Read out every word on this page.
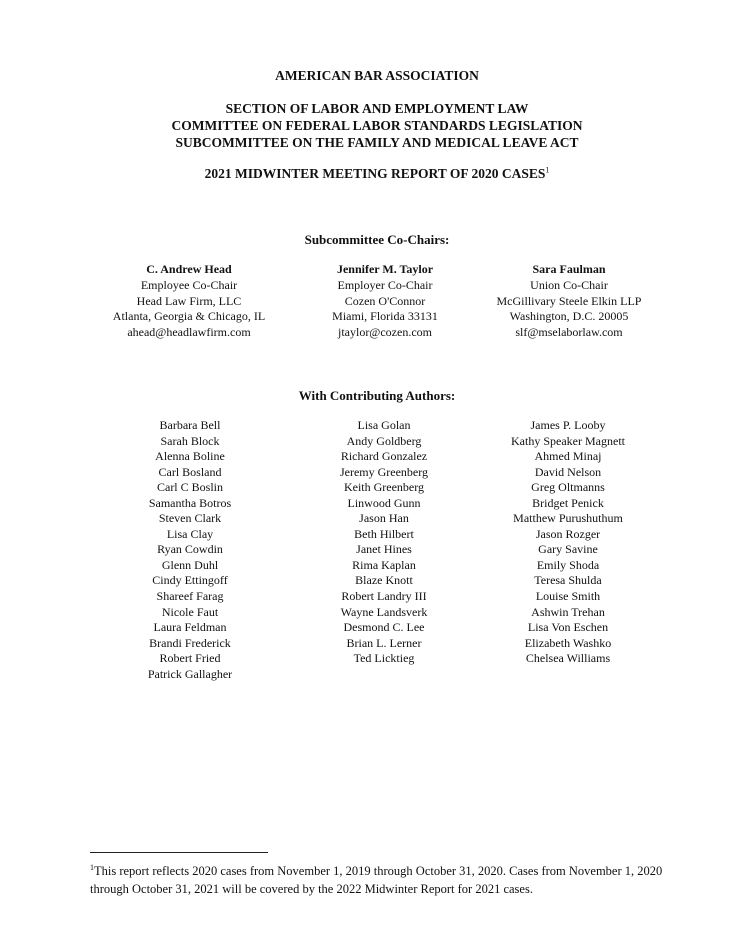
AMERICAN BAR ASSOCIATION
SECTION OF LABOR AND EMPLOYMENT LAW
COMMITTEE ON FEDERAL LABOR STANDARDS LEGISLATION
SUBCOMMITTEE ON THE FAMILY AND MEDICAL LEAVE ACT
2021 MIDWINTER MEETING REPORT OF 2020 CASES$^1$
Subcommittee Co-Chairs:
C. Andrew Head
Employee Co-Chair
Head Law Firm, LLC
Atlanta, Georgia & Chicago, IL
ahead@headlawfirm.com
Jennifer M. Taylor
Employer Co-Chair
Cozen O'Connor
Miami, Florida 33131
jtaylor@cozen.com
Sara Faulman
Union Co-Chair
McGillivary Steele Elkin LLP
Washington, D.C. 20005
slf@mselaborlaw.com
With Contributing Authors:
Barbara Bell
Sarah Block
Alenna Boline
Carl Bosland
Carl C Boslin
Samantha Botros
Steven Clark
Lisa Clay
Ryan Cowdin
Glenn Duhl
Cindy Ettingoff
Shareef Farag
Nicole Faut
Laura Feldman
Brandi Frederick
Robert Fried
Patrick Gallagher
Lisa Golan
Andy Goldberg
Richard Gonzalez
Jeremy Greenberg
Keith Greenberg
Linwood Gunn
Jason Han
Beth Hilbert
Janet Hines
Rima Kaplan
Blaze Knott
Robert Landry III
Wayne Landsverk
Desmond C. Lee
Brian L. Lerner
Ted Licktieg
James P. Looby
Kathy Speaker Magnett
Ahmed Minaj
David Nelson
Greg Oltmanns
Bridget Penick
Matthew Purushuthum
Jason Rozger
Gary Savine
Emily Shoda
Teresa Shulda
Louise Smith
Ashwin Trehan
Lisa Von Eschen
Elizabeth Washko
Chelsea Williams
$^1$This report reflects 2020 cases from November 1, 2019 through October 31, 2020. Cases from November 1, 2020 through October 31, 2021 will be covered by the 2022 Midwinter Report for 2021 cases.
